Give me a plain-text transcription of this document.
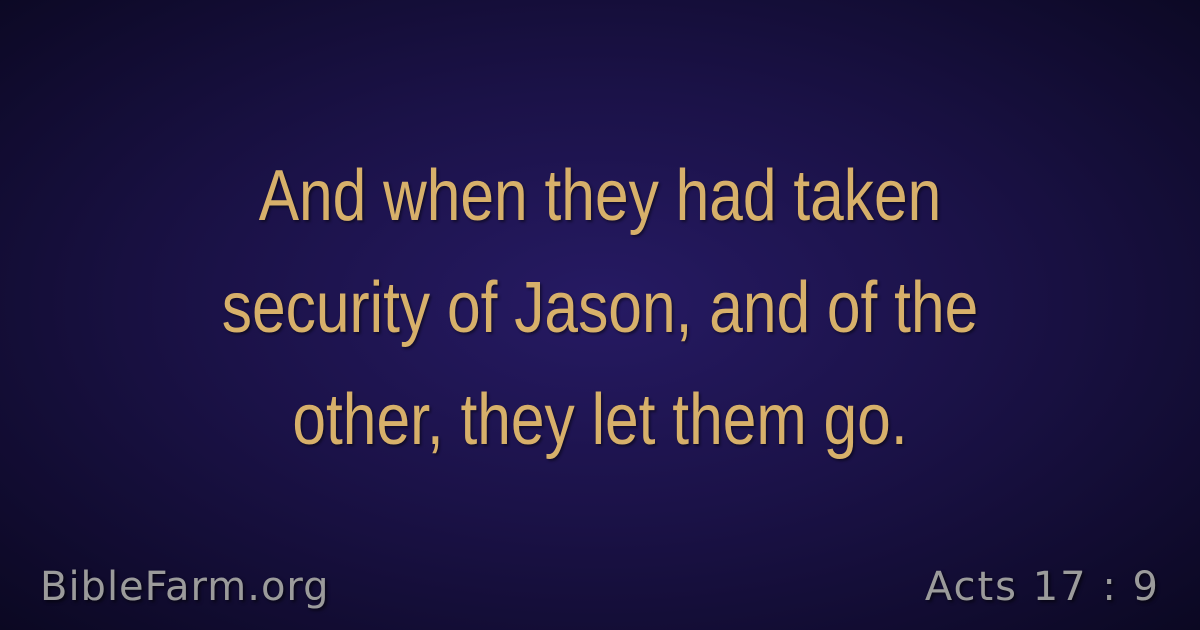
And when they had taken
security of Jason, and of the
other, they let them go.
BibleFarm.org	Acts 17 : 9
